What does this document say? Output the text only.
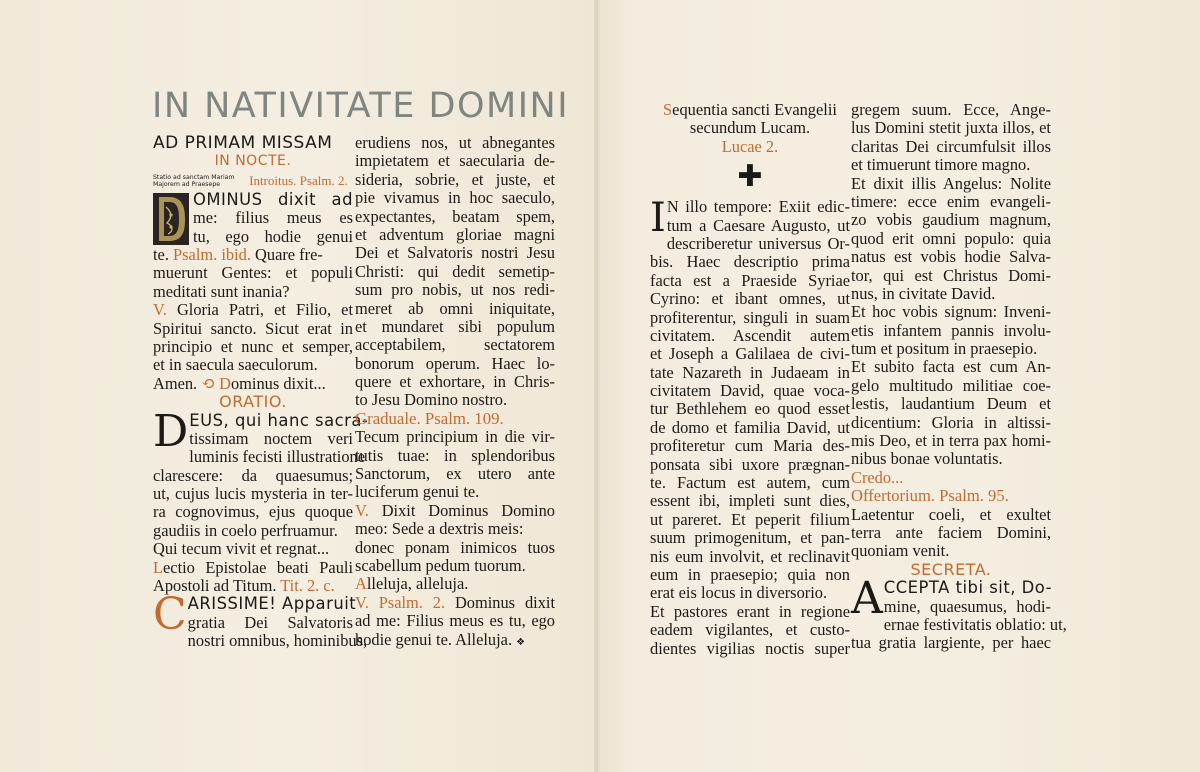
IN NATIVITATE DOMINI
AD PRIMAM MISSAM
IN NOCTE.
Statio ad sanctam Mariam Majorem ad Praesepe Introitus. Psalm. 2.
OMINUS dixit ad
me: filius meus es
tu, ego hodie genui
te. Psalm. ibid. Quare fre-
muerunt Gentes: et populi
meditati sunt inania?
V. Gloria Patri, et Filio, et
Spiritui sancto. Sicut erat in
principio et nunc et semper,
et in saecula saeculorum.
Amen. ⟲ Dominus dixit...
ORATIO.
D EUS, qui hanc sacra-
tissimam noctem veri
luminis fecisti illustratione
clarescere: da quaesumus;
ut, cujus lucis mysteria in ter-
ra cognovimus, ejus quoque
gaudiis in coelo perfruamur.
Qui tecum vivit et regnat...
Lectio Epistolae beati Pauli
Apostoli ad Titum. Tit. 2. c.
C ARISSIME! Apparuit
gratia Dei Salvatoris
nostri omnibus, hominibus,
erudiens nos, ut abnegantes
impietatem et saecularia de-
sideria, sobrie, et juste, et
pie vivamus in hoc saeculo,
expectantes, beatam spem,
et adventum gloriae magni
Dei et Salvatoris nostri Jesu
Christi: qui dedit semetip-
sum pro nobis, ut nos redi-
meret ab omni iniquitate,
et mundaret sibi populum
acceptabilem, sectatorem
bonorum operum. Haec lo-
quere et exhortare, in Chris-
to Jesu Domino nostro.
Graduale. Psalm. 109.
Tecum principium in die vir-
tutis tuae: in splendoribus
Sanctorum, ex utero ante
luciferum genui te.
V. Dixit Dominus Domino
meo: Sede a dextris meis:
donec ponam inimicos tuos
scabellum pedum tuorum.
Alleluja, alleluja.
V. Psalm. 2. Dominus dixit
ad me: Filius meus es tu, ego
hodie genui te. Alleluja. ❖
Sequentia sancti Evangelii
secundum Lucam.
Lucae 2.
✚
I N illo tempore: Exiit edic-
tum a Caesare Augusto, ut
describeretur universus Or-
bis. Haec descriptio prima
facta est a Praeside Syriae
Cyrino: et ibant omnes, ut
profiterentur, singuli in suam
civitatem. Ascendit autem
et Joseph a Galilaea de civi-
tate Nazareth in Judaeam in
civitatem David, quae voca-
tur Bethlehem eo quod esset
de domo et familia David, ut
profiteretur cum Maria des-
ponsata sibi uxore prægnan-
te. Factum est autem, cum
essent ibi, impleti sunt dies,
ut pareret. Et peperit filium
suum primogenitum, et pan-
nis eum involvit, et reclinavit
eum in praesepio; quia non
erat eis locus in diversorio.
Et pastores erant in regione
eadem vigilantes, et custo-
dientes vigilias noctis super
gregem suum. Ecce, Ange-
lus Domini stetit juxta illos, et
claritas Dei circumfulsit illos
et timuerunt timore magno.
Et dixit illis Angelus: Nolite
timere: ecce enim evangeli-
zo vobis gaudium magnum,
quod erit omni populo: quia
natus est vobis hodie Salva-
tor, qui est Christus Domi-
nus, in civitate David.
Et hoc vobis signum: Inveni-
etis infantem pannis involu-
tum et positum in praesepio.
Et subito facta est cum An-
gelo multitudo militiae coe-
lestis, laudantium Deum et
dicentium: Gloria in altissi-
mis Deo, et in terra pax homi-
nibus bonae voluntatis.
Credo...
Offertorium. Psalm. 95.
Laetentur coeli, et exultet
terra ante faciem Domini,
quoniam venit.
SECRETA.
A CCEPTA tibi sit, Do-
mine, quaesumus, hodi-
ernae festivitatis oblatio: ut,
tua gratia largiente, per haec
